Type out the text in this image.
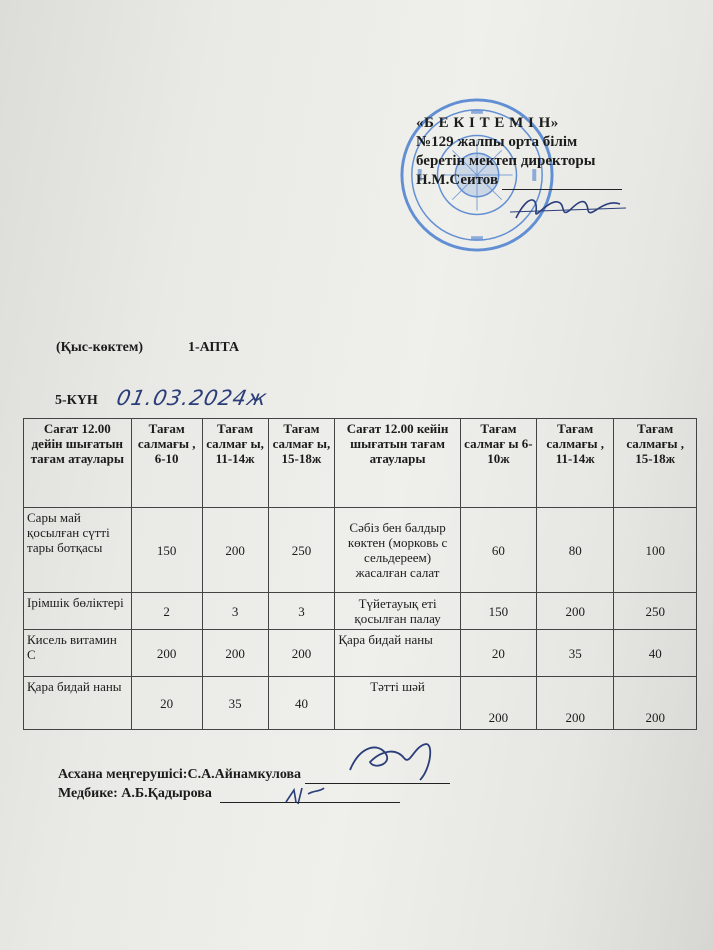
«Б Е К І Т Е М І Н»
№129 жалпы орта білім
беретін мектеп директоры
Н.М.Сеитов
(Қыс-көктем)	1-АПТА
5-КҮН 01.03.2024ж
Сағат 12.00 дейін шығатын тағам атаулары	Тағам салмағы , 6-10	Тағам салмағ ы, 11-14ж	Тағам салмағ ы, 15-18ж	Сағат 12.00 кейін шығатын тағам атаулары	Тағам салмағ ы 6-10ж	Тағам салмағы , 11-14ж	Тағам салмағы , 15-18ж
Сары май қосылған сүтті тары ботқасы	150	200	250	Сәбіз бен балдыр көктен (морковь с сельдереем) жасалған салат	60	80	100
Ірімшік бөліктері	2	3	3	Түйетауық еті қосылған палау	150	200	250
Кисель витамин С	200	200	200	Қара бидай наны	20	35	40
Қара бидай наны	20	35	40	Тәтті шәй	200	200	200
Асхана меңгерушісі:С.А.Айнамкулова
Медбике: А.Б.Қадырова
